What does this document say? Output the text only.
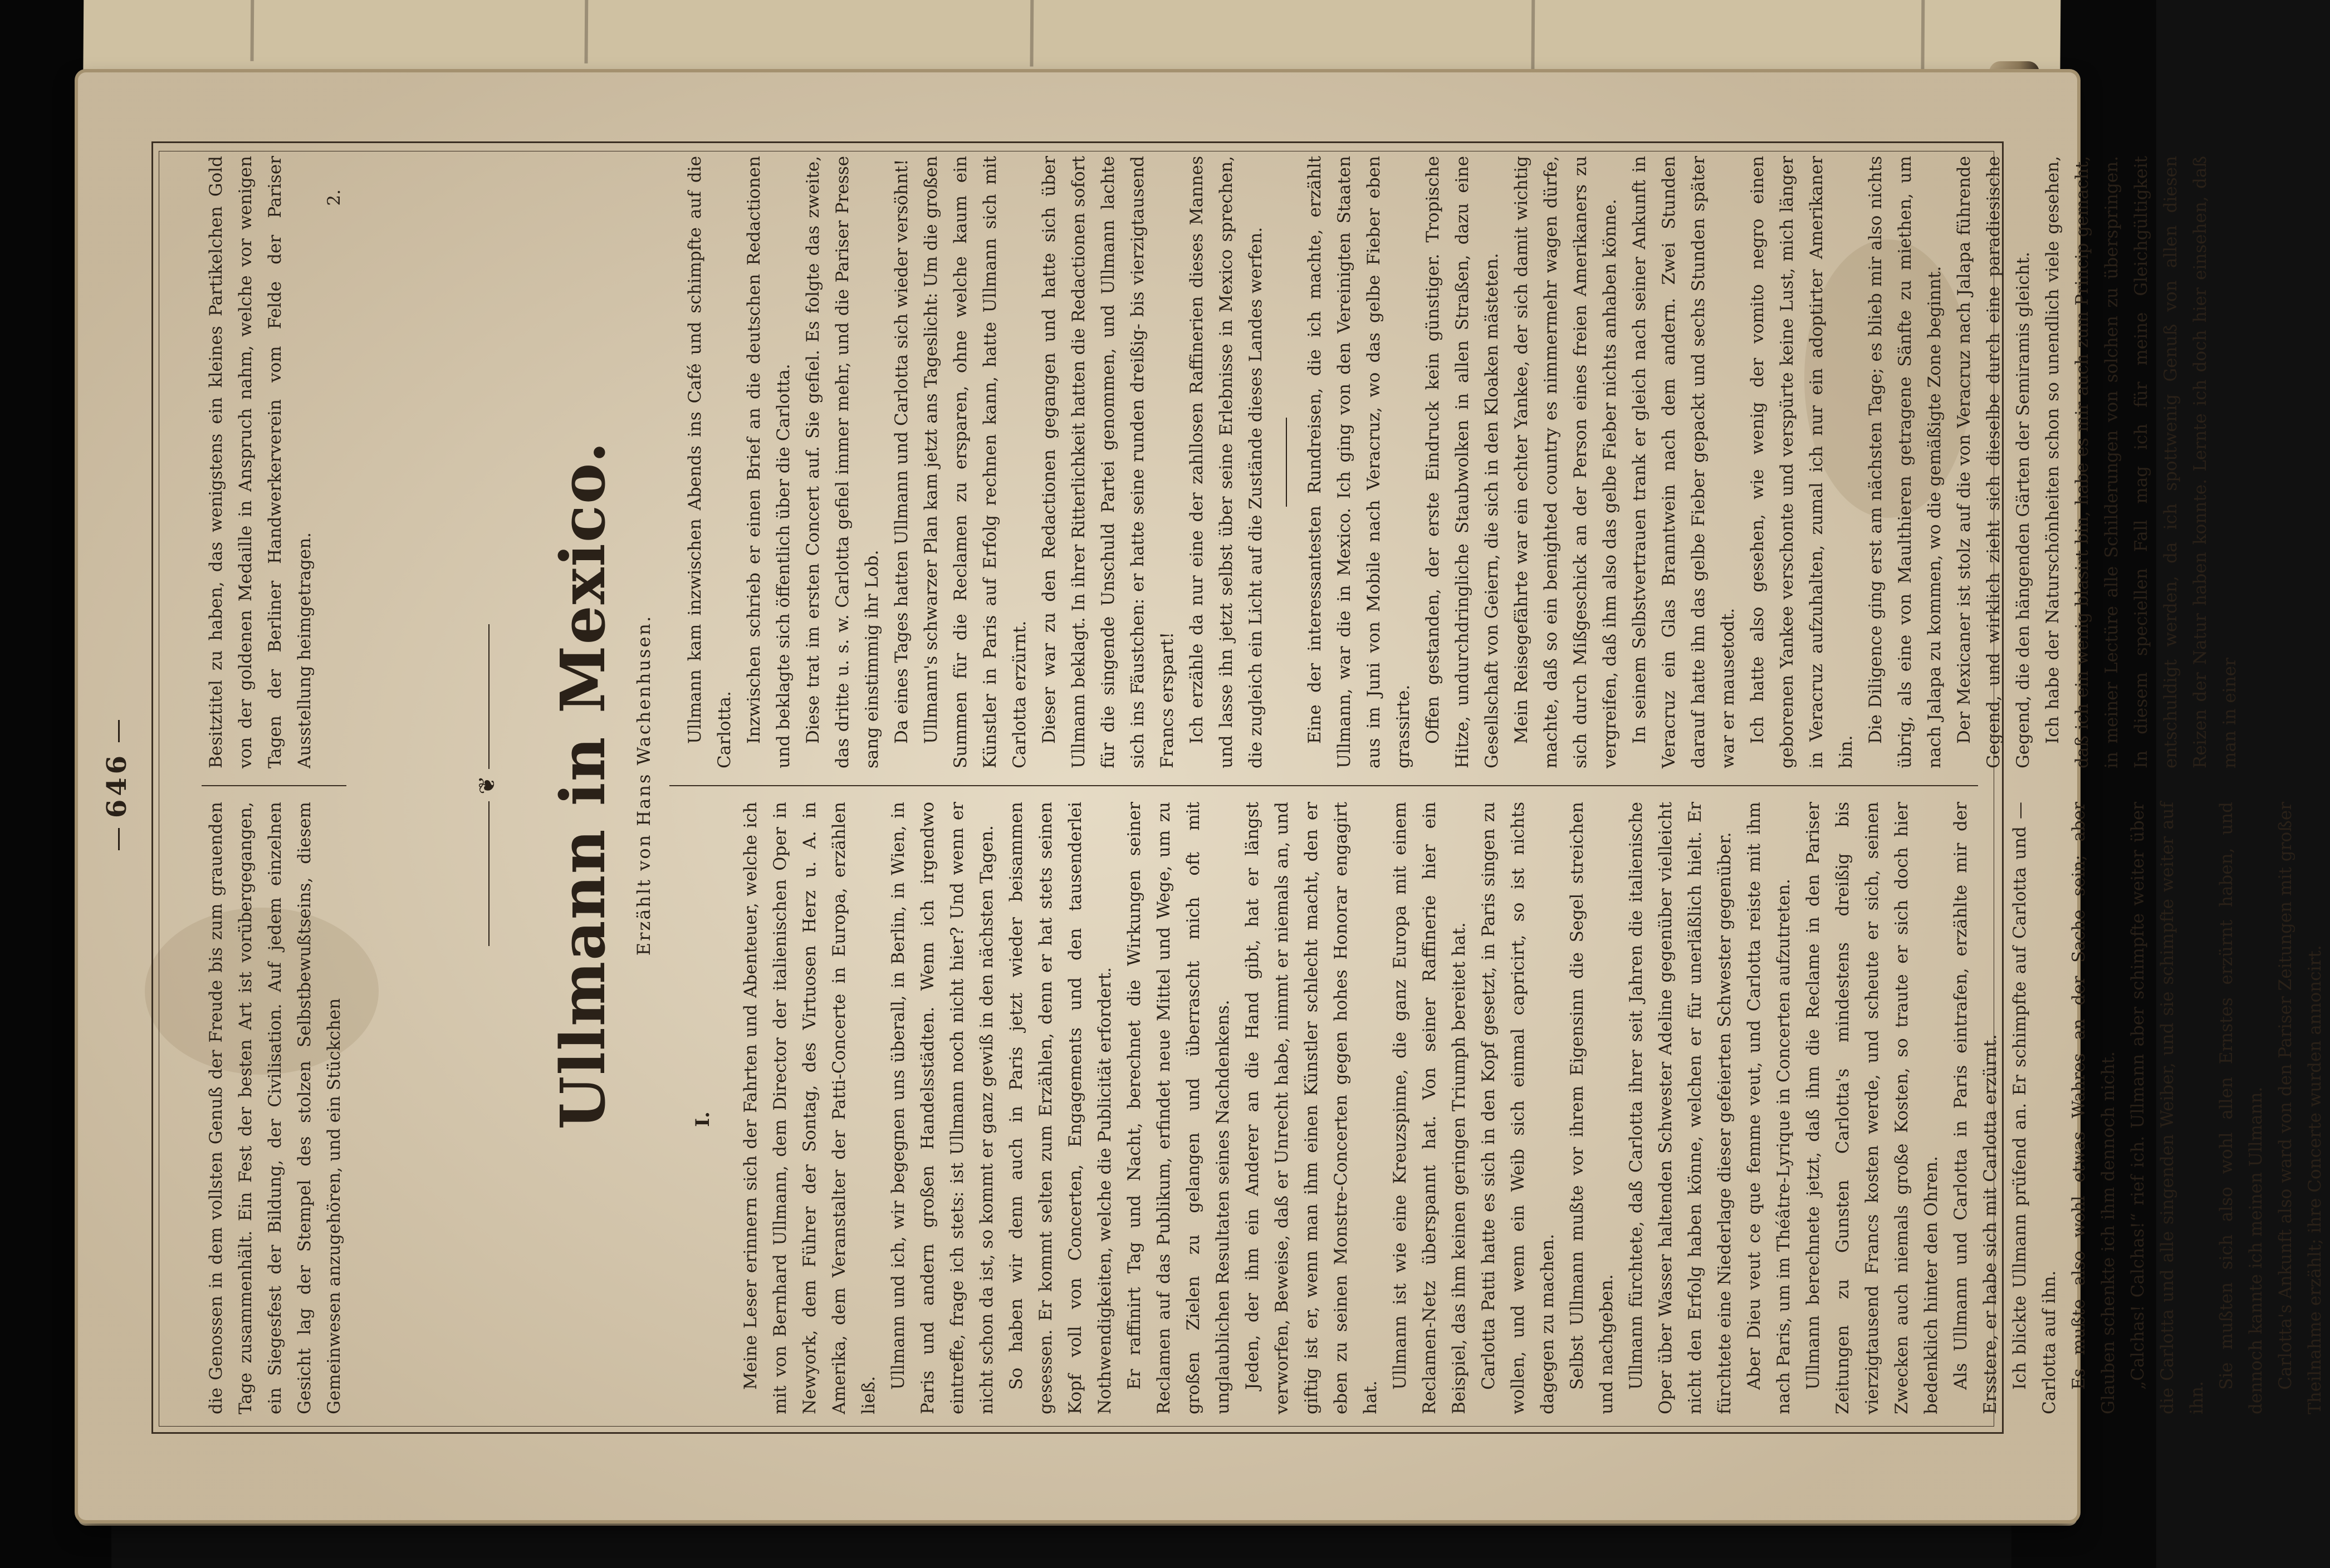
646

die Genossen in dem vollsten Genuß der Freude bis zum grauenden Tage zusammenhält. Ein Fest der besten Art ist vorübergegangen, ein Siegesfest der Bildung, der Civilisation. Auf jedem einzelnen Gesicht lag der Stempel des stolzen Selbstbewußtseins, diesem Gemeinwesen anzugehören, und ein Stückchen

Besitztitel zu haben, das wenigstens ein kleines Partikelchen Gold von der goldenen Medaille in Anspruch nahm, welche vor wenigen Tagen der Berliner Handwerkerverein vom Felde der Pariser Ausstellung heimgetragen.

2.

❦ Ullmann in Mexico. Erzählt von Hans Wachenhusen.
I. Meine Leser erinnern sich der Fahrten und Abenteuer, welche ich mit von Bernhard Ullmann, dem Director der italienischen Oper in Newyork, dem Führer der Sontag, des Virtuosen Herz u. A. in Amerika, dem Veranstalter der Patti-Concerte in Europa, erzählen ließ.

Ullmann und ich, wir begegnen uns überall, in Berlin, in Wien, in Paris und andern großen Handelsstädten. Wenn ich irgendwo eintreffe, frage ich stets: ist Ullmann noch nicht hier? Und wenn er nicht schon da ist, so kommt er ganz gewiß in den nächsten Tagen. So haben wir denn auch in Paris jetzt wieder beisammen gesessen. Er kommt selten zum Erzählen, denn er hat stets seinen Kopf voll von Concerten, Engagements und den tausenderlei Nothwendigkeiten, welche die Publicität erfordert. Er raffinirt Tag und Nacht, berechnet die Wirkungen seiner Reclamen auf das Publikum, erfindet neue Mittel und Wege, um zu großen Zielen zu gelangen und überrascht mich oft mit unglaublichen Resultaten seines Nachdenkens. Jeden, der ihm ein Anderer an die Hand gibt, hat er längst verworfen, Beweise, daß er Unrecht habe, nimmt er niemals an, und giftig ist er, wenn man ihm einen Künstler schlecht macht, den er eben zu seinen Monstre-Concerten gegen hohes Honorar engagirt hat.

Ullmann ist wie eine Kreuzspinne, die ganz Europa mit einem Reclamen-Netz überspannt hat. Von seiner Raffinerie hier ein Beispiel, das ihm keinen geringen Triumph bereitet hat. Carlotta Patti hatte es sich in den Kopf gesetzt, in Paris singen zu wollen, und wenn ein Weib sich einmal capricirt, so ist nichts dagegen zu machen. Selbst Ullmann mußte vor ihrem Eigensinn die Segel streichen und nachgeben. Ullmann fürchtete, daß Carlotta ihrer seit Jahren die italienische Oper über Wasser haltenden Schwester Adeline gegenüber vielleicht nicht den Erfolg haben könne, welchen er für unerläßlich hielt. Er fürchtete eine Niederlage dieser gefeierten Schwester gegenüber. Aber Dieu veut ce que femme veut, und Carlotta reiste mit ihm nach Paris, um im Théâtre-Lyrique in Concerten aufzutreten. Ullmann berechnete jetzt, daß ihm die Reclame in den Pariser Zeitungen zu Gunsten Carlotta's mindestens dreißig bis vierzigtausend Francs kosten werde, und scheute er sich, seinen Zwecken auch niemals große Kosten, so traute er sich doch hier bedenklich hinter den Ohren. Als Ullmann und Carlotta in Paris eintrafen, erzählte mir der Ersstere, er habe sich mit Carlotta erzürnt. Ich blickte Ullmann prüfend an. Er schimpfte auf Carlotta und — Carlotta auf ihn. Es mußte also wohl etwas Wahres an der Sache sein; aber Glauben schenkte ich ihm dennoch nicht. „Calchas! Calchas!“ rief ich. Ullmann aber schimpfte weiter über die Carlotta und alle singenden Weiber, und sie schimpfte weiter auf ihn.

Sie mußten sich also wohl allen Ernstes erzürnt haben, und dennoch kannte ich meinen Ullmann. Carlotta's Ankunft also ward von den Pariser Zeitungen mit großer Theilnahme erzählt; ihre Concerte wurden annoncirt.

Ullmann kam inzwischen Abends ins Café und schimpfte auf die Carlotta. Inzwischen schrieb er einen Brief an die deutschen Redactionen und beklagte sich öffentlich über die Carlotta. Diese trat im ersten Concert auf. Sie gefiel. Es folgte das zweite, das dritte u. s. w. Carlotta gefiel immer mehr, und die Pariser Presse sang einstimmig ihr Lob. Da eines Tages hatten Ullmann und Carlotta sich wieder versöhnt! Ullmann's schwarzer Plan kam jetzt ans Tageslicht: Um die großen Summen für die Reclamen zu ersparen, ohne welche kaum ein Künstler in Paris auf Erfolg rechnen kann, hatte Ullmann sich mit Carlotta erzürnt. Dieser war zu den Redactionen gegangen und hatte sich über Ullmann beklagt. In ihrer Ritterlichkeit hatten die Redactionen sofort für die singende Unschuld Partei genommen, und Ullmann lachte sich ins Fäustchen: er hatte seine runden dreißig- bis vierzigtausend Francs erspart! Ich erzähle da nur eine der zahllosen Raffinerien dieses Mannes und lasse ihn jetzt selbst über seine Erlebnisse in Mexico sprechen, die zugleich ein Licht auf die Zustände dieses Landes werfen. Eine der interessantesten Rundreisen, die ich machte, erzählt Ullmann, war die in Mexico. Ich ging von den Vereinigten Staaten aus im Juni von Mobile nach Veracruz, wo das gelbe Fieber eben grassirte. Offen gestanden, der erste Eindruck kein günstiger. Tropische Hitze, undurchdringliche Staubwolken in allen Straßen, dazu eine Gesellschaft von Geiern, die sich in den Kloaken mästeten. Mein Reisegefährte war ein echter Yankee, der sich damit wichtig machte, daß so ein benighted country es nimmermehr wagen dürfe, sich durch Mißgeschick an der Person eines freien Amerikaners zu vergreifen, daß ihm also das gelbe Fieber nichts anhaben könne. In seinem Selbstvertrauen trank er gleich nach seiner Ankunft in Veracruz ein Glas Branntwein nach dem andern. Zwei Stunden darauf hatte ihn das gelbe Fieber gepackt und sechs Stunden später war er mausetodt. Ich hatte also gesehen, wie wenig der vomito negro einen geborenen Yankee verschonte und verspürte keine Lust, mich länger in Veracruz aufzuhalten, zumal ich nur ein adoptirter Amerikaner bin.

Die Diligence ging erst am nächsten Tage; es blieb mir also nichts übrig, als eine von Maulthieren getragene Sänfte zu miethen, um nach Jalapa zu kommen, wo die gemäßigte Zone beginnt. Der Mexicaner ist stolz auf die von Veracruz nach Jalapa führende Gegend, und wirklich zieht sich dieselbe durch eine paradiesische Gegend, die den hängenden Gärten der Semiramis gleicht. Ich habe der Naturschönheiten schon so unendlich viele gesehen, daß ich ein wenig blasirt bin, habe es mir auch zum Princip gemacht, in meiner Lectüre alle Schilderungen von solchen zu überspringen. In diesem speciellen Fall mag ich für meine Gleichgültigkeit entschuldigt werden, da ich spottwenig Genuß von allen diesen Reizen der Natur haben konnte. Lernte ich doch hier einsehen, daß man in einer
